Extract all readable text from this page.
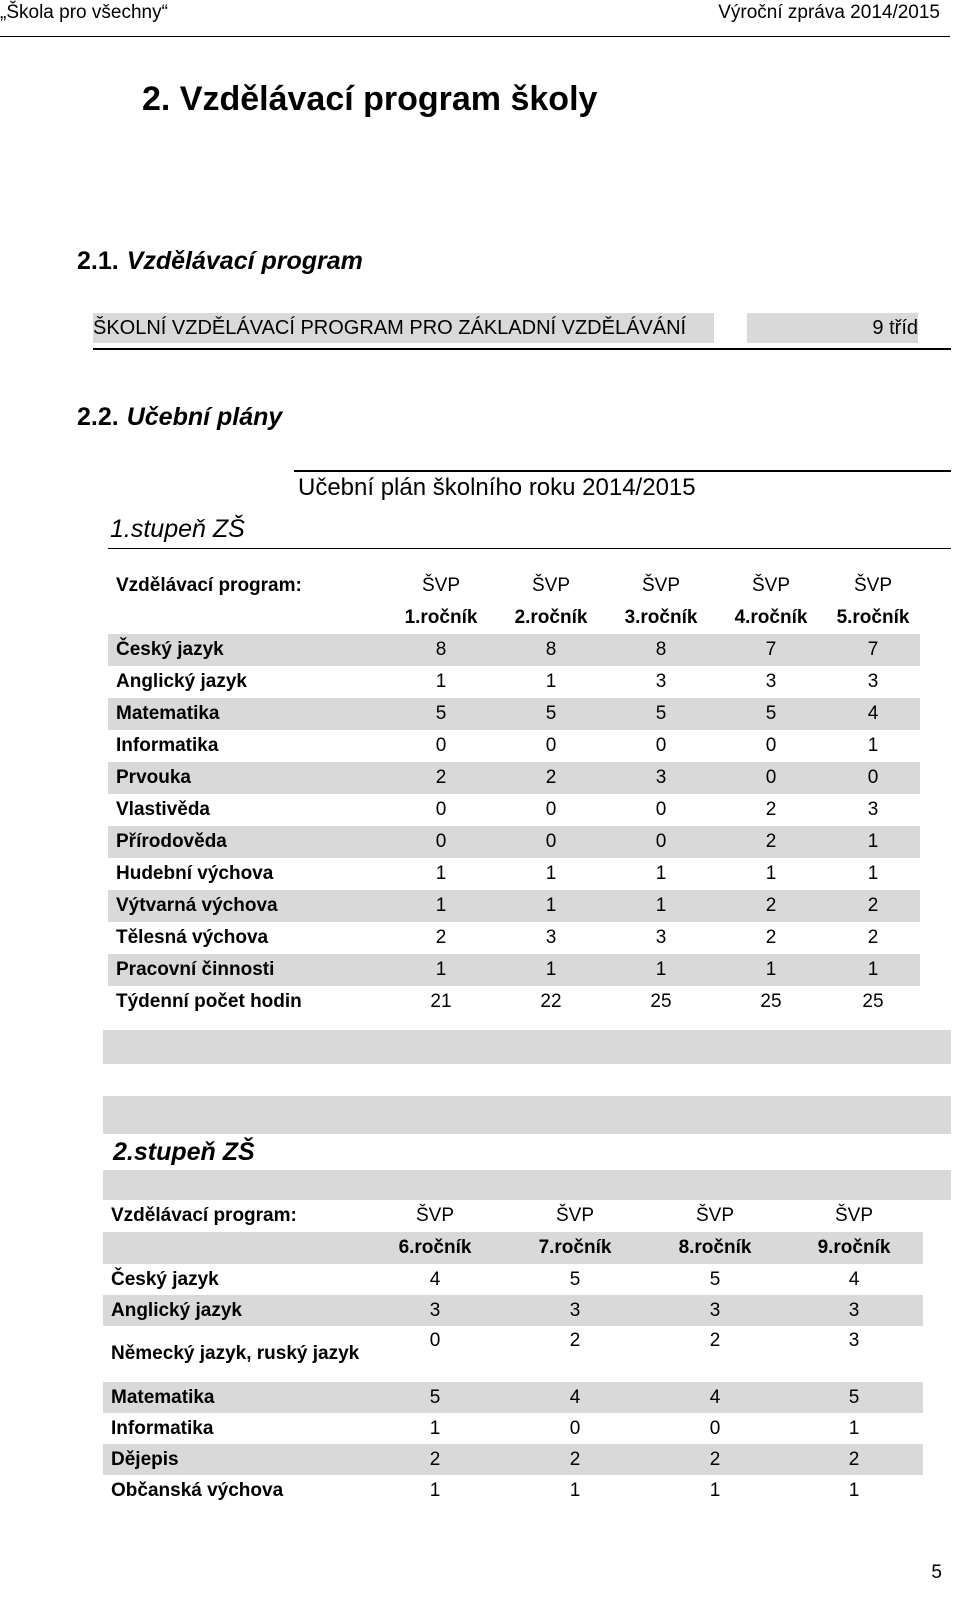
„Škola pro všechny“	Výroční zpráva 2014/2015
2. Vzdělávací program školy
2.1. Vzdělávací program
ŠKOLNÍ VZDĚLÁVACÍ PROGRAM PRO ZÁKLADNÍ VZDĚLÁVÁNÍ	9 tříd
2.2. Učební plány
Učební plán školního roku 2014/2015
1.stupeň ZŠ
Vzdělávací program:	ŠVP	ŠVP	ŠVP	ŠVP	ŠVP
	1.ročník	2.ročník	3.ročník	4.ročník	5.ročník
Český jazyk	8	8	8	7	7
Anglický jazyk	1	1	3	3	3
Matematika	5	5	5	5	4
Informatika	0	0	0	0	1
Prvouka	2	2	3	0	0
Vlastivěda	0	0	0	2	3
Přírodověda	0	0	0	2	1
Hudební výchova	1	1	1	1	1
Výtvarná výchova	1	1	1	2	2
Tělesná výchova	2	3	3	2	2
Pracovní činnosti	1	1	1	1	1
Týdenní počet hodin	21	22	25	25	25
2.stupeň ZŠ
Vzdělávací program:	ŠVP	ŠVP	ŠVP	ŠVP
	6.ročník	7.ročník	8.ročník	9.ročník
Český jazyk	4	5	5	4
Anglický jazyk	3	3	3	3
Německý jazyk, ruský jazyk	0	2	2	3
Matematika	5	4	4	5
Informatika	1	0	0	1
Dějepis	2	2	2	2
Občanská výchova	1	1	1	1
5
